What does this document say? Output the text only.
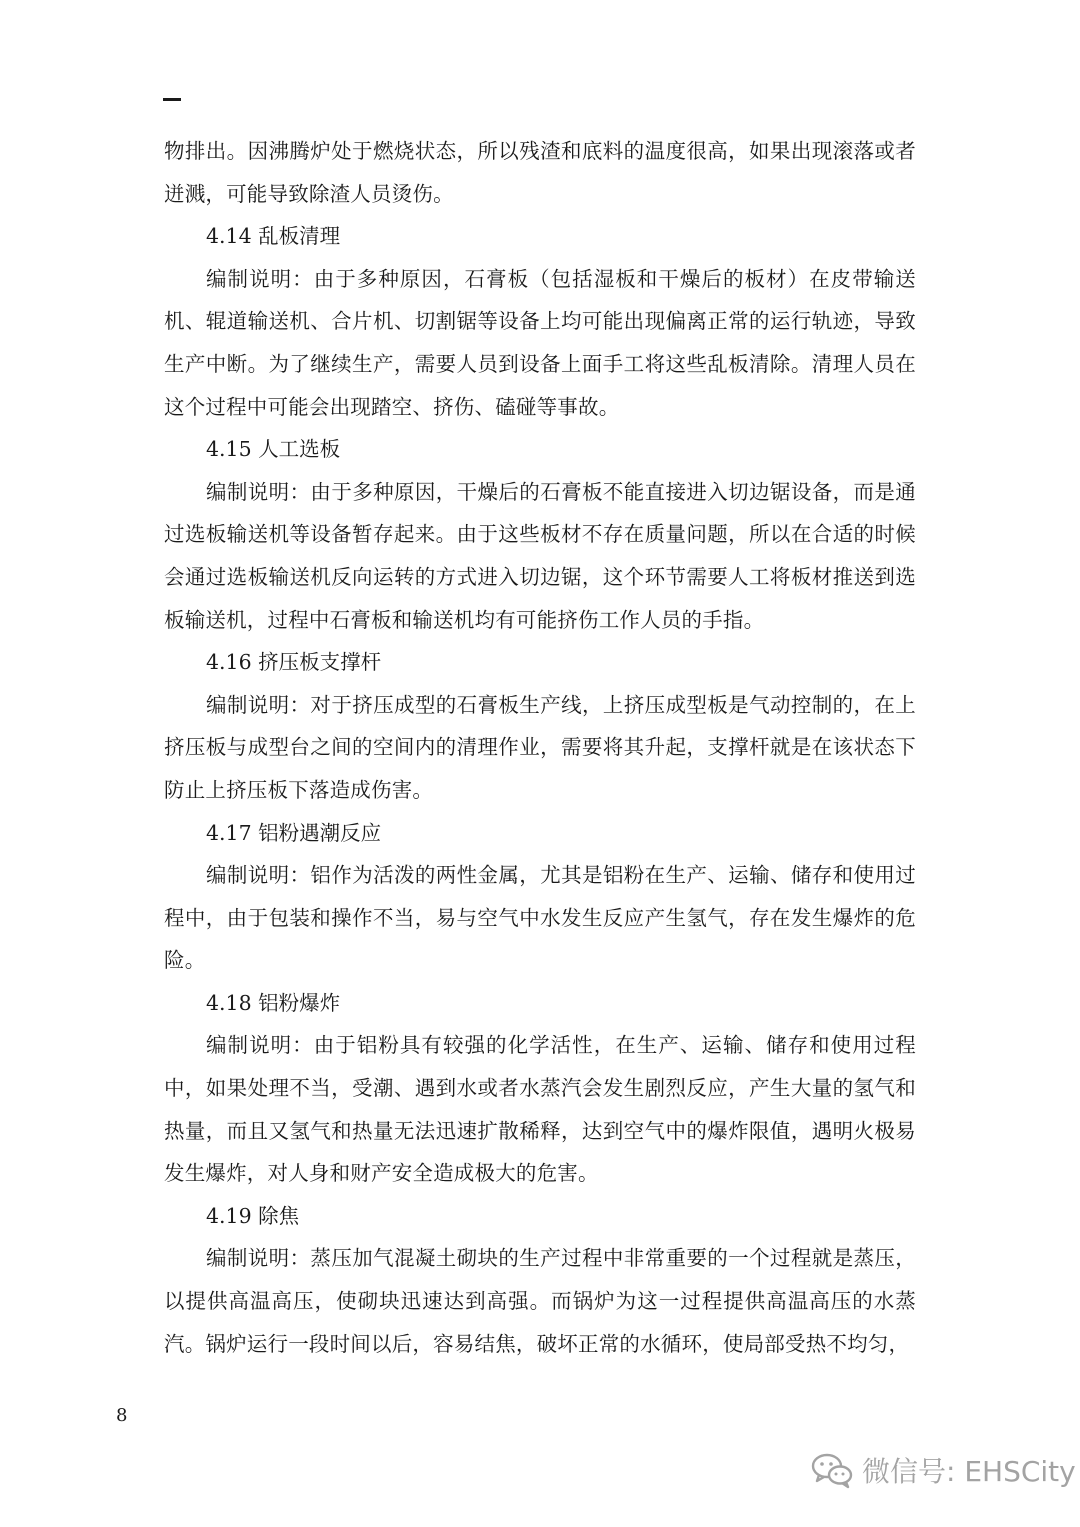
物排出。因沸腾炉处于燃烧状态，所以残渣和底料的温度很高，如果出现滚落或者迸溅，可能导致除渣人员烫伤。

4.14 乱板清理

编制说明：由于多种原因，石膏板（包括湿板和干燥后的板材）在皮带输送机、辊道输送机、合片机、切割锯等设备上均可能出现偏离正常的运行轨迹，导致生产中断。为了继续生产，需要人员到设备上面手工将这些乱板清除。清理人员在这个过程中可能会出现踏空、挤伤、磕碰等事故。

4.15 人工选板

编制说明：由于多种原因，干燥后的石膏板不能直接进入切边锯设备，而是通过选板输送机等设备暂存起来。由于这些板材不存在质量问题，所以在合适的时候会通过选板输送机反向运转的方式进入切边锯，这个环节需要人工将板材推送到选板输送机，过程中石膏板和输送机均有可能挤伤工作人员的手指。

4.16 挤压板支撑杆

编制说明：对于挤压成型的石膏板生产线，上挤压成型板是气动控制的，在上挤压板与成型台之间的空间内的清理作业，需要将其升起，支撑杆就是在该状态下防止上挤压板下落造成伤害。

4.17 铝粉遇潮反应

编制说明：铝作为活泼的两性金属，尤其是铝粉在生产、运输、储存和使用过程中，由于包装和操作不当，易与空气中水发生反应产生氢气，存在发生爆炸的危险。

4.18 铝粉爆炸

编制说明：由于铝粉具有较强的化学活性，在生产、运输、储存和使用过程中，如果处理不当，受潮、遇到水或者水蒸汽会发生剧烈反应，产生大量的氢气和热量，而且又氢气和热量无法迅速扩散稀释，达到空气中的爆炸限值，遇明火极易发生爆炸，对人身和财产安全造成极大的危害。

4.19 除焦

编制说明：蒸压加气混凝土砌块的生产过程中非常重要的一个过程就是蒸压，以提供高温高压，使砌块迅速达到高强。而锅炉为这一过程提供高温高压的水蒸汽。锅炉运行一段时间以后，容易结焦，破坏正常的水循环，使局部受热不均匀，

8
微信号: EHSCity
